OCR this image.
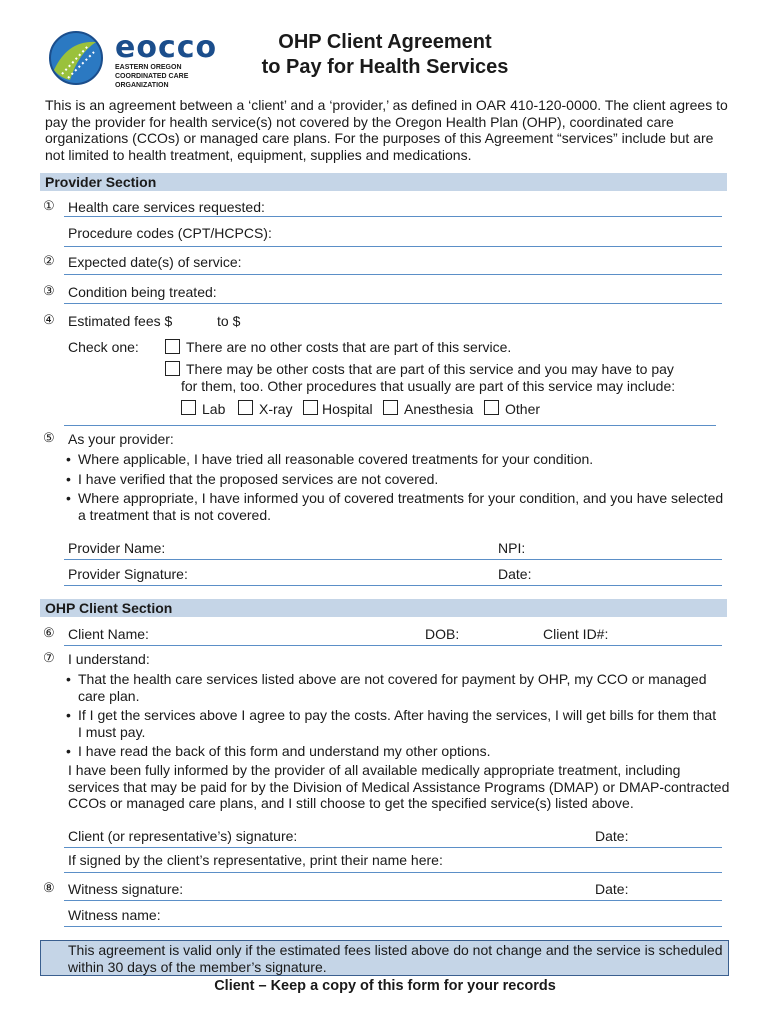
eocco
EASTERN OREGON
COORDINATED CARE
ORGANIZATION
OHP Client Agreement
to Pay for Health Services
This is an agreement between a ‘client’ and a ‘provider,’ as defined in OAR 410-120-0000. The client agrees to pay the provider for health service(s) not covered by the Oregon Health Plan (OHP), coordinated care organizations (CCOs) or managed care plans. For the purposes of this Agreement “services” include but are not limited to health treatment, equipment, supplies and medications.
Provider Section
① Health care services requested:
Procedure codes (CPT/HCPCS):
② Expected date(s) of service:
③ Condition being treated:
④ Estimated fees $	to $
Check one:	There are no other costs that are part of this service.
There may be other costs that are part of this service and you may have to pay
for them, too. Other procedures that usually are part of this service may include:
Lab X-ray Hospital Anesthesia Other
⑤ As your provider:
• Where applicable, I have tried all reasonable covered treatments for your condition.
• I have verified that the proposed services are not covered.
• Where appropriate, I have informed you of covered treatments for your condition, and you have selected a treatment that is not covered.
Provider Name:	NPI:
Provider Signature:	Date:
OHP Client Section
⑥ Client Name:	DOB:	Client ID#:
⑦ I understand:
• That the health care services listed above are not covered for payment by OHP, my CCO or managed care plan.
• If I get the services above I agree to pay the costs. After having the services, I will get bills for them that I must pay.
• I have read the back of this form and understand my other options.
I have been fully informed by the provider of all available medically appropriate treatment, including services that may be paid for by the Division of Medical Assistance Programs (DMAP) or DMAP-contracted CCOs or managed care plans, and I still choose to get the specified service(s) listed above.
Client (or representative’s) signature:	Date:
If signed by the client’s representative, print their name here:
⑧ Witness signature:	Date:
Witness name:
This agreement is valid only if the estimated fees listed above do not change and the service is scheduled within 30 days of the member’s signature.
Client – Keep a copy of this form for your records
